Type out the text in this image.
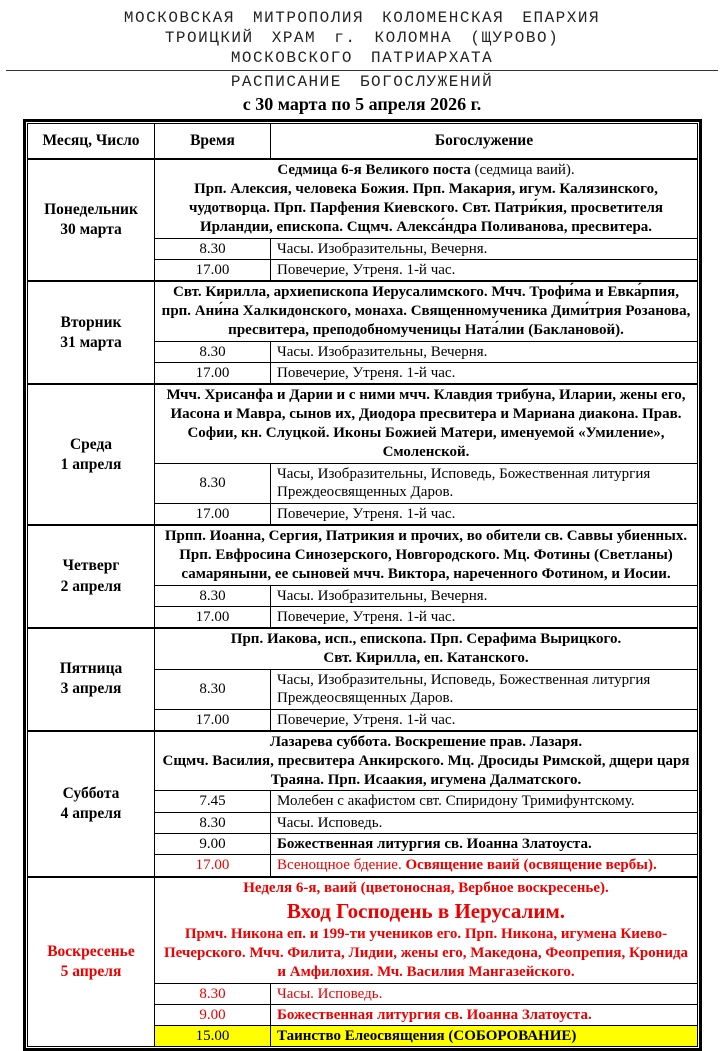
МОСКОВСКАЯ МИТРОПОЛИЯ КОЛОМЕНСКАЯ ЕПАРХИЯ
ТРОИЦКИЙ ХРАМ г. КОЛОМНА (ЩУРОВО)
МОСКОВСКОГО ПАТРИАРХАТА
РАСПИСАНИЕ БОГОСЛУЖЕНИЙ
с 30 марта по 5 апреля 2026 г.
Месяц, Число	Время	Богослужение

Понедельник
30 марта

Седмица 6-я Великого поста (седмица ваий).
Прп. Алексия, человека Божия. Прп. Макария, игум. Калязинского, чудотворца. Прп. Парфения Киевского. Свт. Патри́кия, просветителя Ирландии, епископа. Сщмч. Алекса́ндра Поливанова, пресвитера.

	8.30	Часы. Изобразительны, Вечерня.
	17.00	Повечерие, Утреня. 1-й час.

Вторник
31 марта	Свт. Кирилла, архиепископа Иерусалимского. Мчч. Трофи́ма и Евка́рпия, прп. Ани́на Халкидонского, монаха. Священномученика Дими́трия Розанова, пресвитера, преподобномученицы Ната́лии (Баклановой).	

	8.30	Часы. Изобразительны, Вечерня.
	17.00	Повечерие, Утреня. 1-й час.

Среда
1 апреля	Мчч. Хрисанфа и Дарии и с ними мчч. Клавдия трибуна, Иларии, жены его, Иасона и Мавра, сынов их, Диодора пресвитера и Мариана диакона. Прав. Софии, кн. Слуцкой. Иконы Божией Матери, именуемой «Умиление», Смоленской.	

	8.30	Часы, Изобразительны, Исповедь, Божественная литургия Преждеосвященных Даров.
	17.00	Повечерие, Утреня. 1-й час.

Четверг
2 апреля	Прпп. Иоанна, Сергия, Патрикия и прочих, во обители св. Саввы убиенных. Прп. Евфросина Синозерского, Новгородского. Мц. Фотины (Светланы) самаряныни, ее сыновей мчч. Виктора, нареченного Фотином, и Иосии.	

	8.30	Часы. Изобразительны, Вечерня.
	17.00	Повечерие, Утреня. 1-й час.

Пятница
3 апреля

Прп. Иакова, исп., епископа. Прп. Серафима Вырицкого.
Свт. Кирилла, еп. Катанского.

	8.30	Часы, Изобразительны, Исповедь, Божественная литургия Преждеосвященных Даров.
	17.00	Повечерие, Утреня. 1-й час.

Суббота
4 апреля

Лазарева суббота. Воскрешение прав. Лазаря.
Сщмч. Василия, пресвитера Анкирского. Мц. Дросиды Римской, дщери царя Траяна. Прп. Исаакия, игумена Далматского.

	7.45	Молебен с акафистом свт. Спиридону Тримифунтскому.
	8.30	Часы. Исповедь.
	9.00	Божественная литургия св. Иоанна Златоуста.
	17.00	Всенощное бдение. Освящение ваий (освящение вербы).

Воскресенье
5 апреля

Неделя 6-я, ваий (цветоносная, Вербное воскресенье).
Вход Господень в Иерусалим.
Прмч. Никона еп. и 199-ти учеников его. Прп. Никона, игумена Киево-Печерского. Мчч. Филита, Лидии, жены его, Македона, Феопрепия, Кронида и Амфилохия. Мч. Василия Мангазейского.

	8.30	Часы. Исповедь.
	9.00	Божественная литургия св. Иоанна Златоуста.
	15.00	Таинство Елеосвящения (СОБОРОВАНИЕ)
